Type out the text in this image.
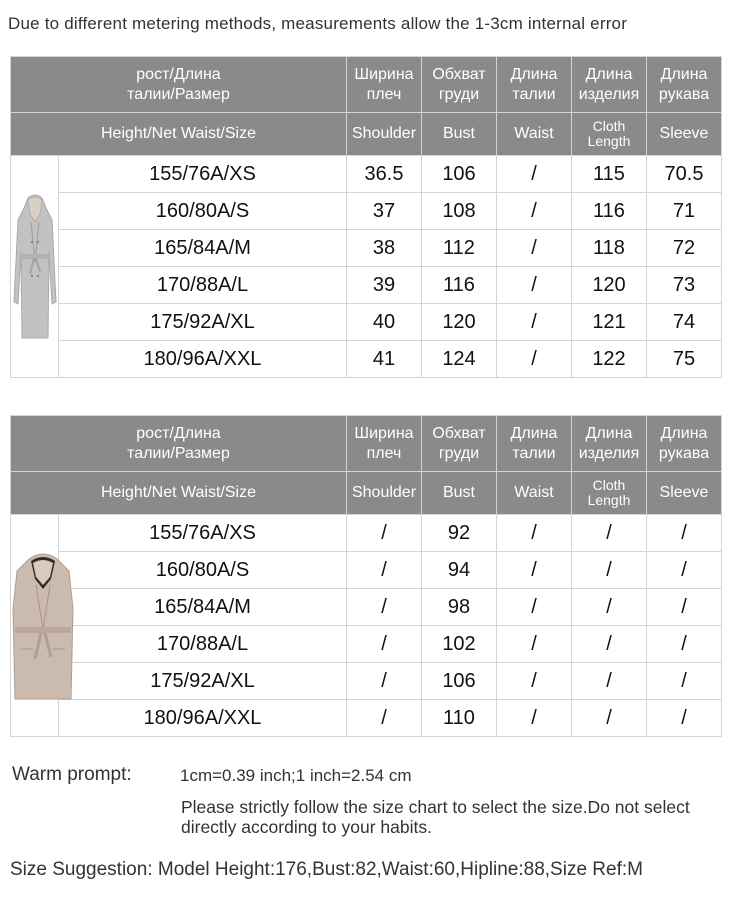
Due to different metering methods, measurements allow the 1-3cm internal error
рост/Длина талии/Размер		Ширина плеч	Обхват груди	Длина талии	Длина изделия	Длина рукава
Height/Net Waist/Size		Shoulder	Bust	Waist	Cloth Length	Sleeve

	155/76A/XS	36.5	106	/	115	70.5
	160/80A/S	37	108	/	116	71
	165/84A/M	38	112	/	118	72
	170/88A/L	39	116	/	120	73
	175/92A/XL	40	120	/	121	74
	180/96A/XXL	41	124	/	122	75
рост/Длина талии/Размер		Ширина плеч	Обхват груди	Длина талии	Длина изделия	Длина рукава
Height/Net Waist/Size		Shoulder	Bust	Waist	Cloth Length	Sleeve

	155/76A/XS	/	92	/	/	/
	160/80A/S	/	94	/	/	/
	165/84A/M	/	98	/	/	/
	170/88A/L	/	102	/	/	/
	175/92A/XL	/	106	/	/	/
	180/96A/XXL	/	110	/	/	/
Warm prompt:	1cm=0.39 inch;1 inch=2.54 cm
Please strictly follow the size chart to select the size.Do not select directly according to your habits.
Size Suggestion: Model Height:176,Bust:82,Waist:60,Hipline:88,Size Ref:M
